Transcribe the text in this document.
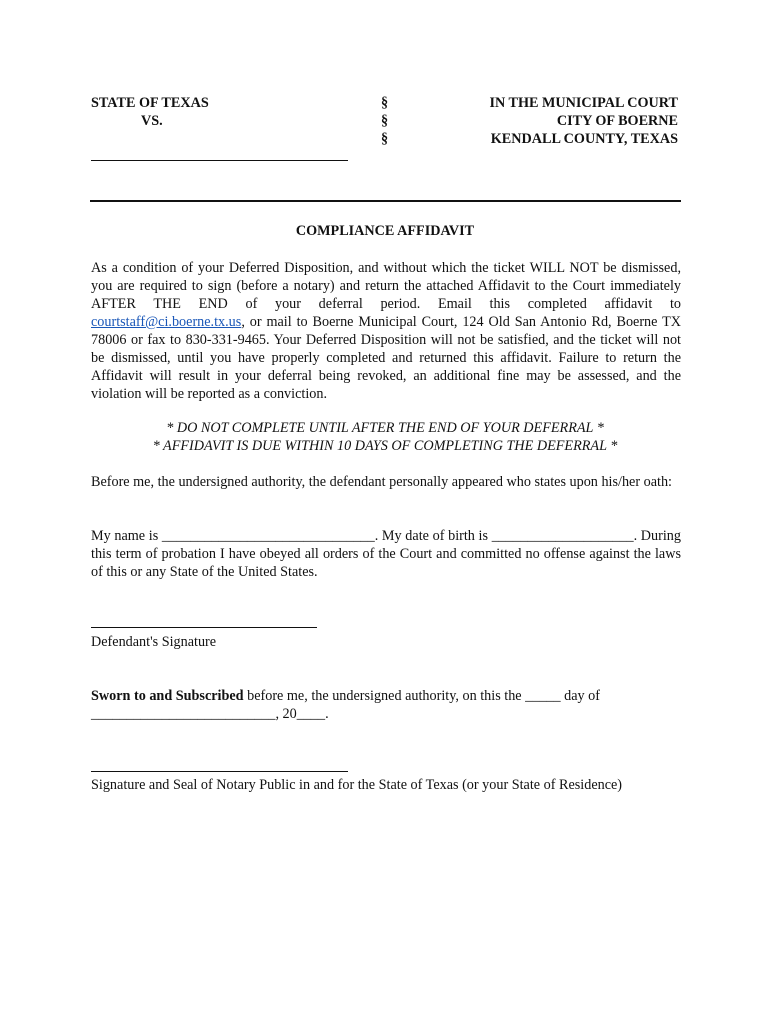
STATE OF TEXAS
VS.
§
§
§
IN THE MUNICIPAL COURT
CITY OF BOERNE
KENDALL COUNTY, TEXAS
COMPLIANCE AFFIDAVIT
As a condition of your Deferred Disposition, and without which the ticket WILL NOT be dismissed, you are required to sign (before a notary) and return the attached Affidavit to the Court immediately AFTER THE END of your deferral period. Email this completed affidavit to courtstaff@ci.boerne.tx.us, or mail to Boerne Municipal Court, 124 Old San Antonio Rd, Boerne TX 78006 or fax to 830-331-9465. Your Deferred Disposition will not be satisfied, and the ticket will not be dismissed, until you have properly completed and returned this affidavit. Failure to return the Affidavit will result in your deferral being revoked, an additional fine may be assessed, and the violation will be reported as a conviction.
* DO NOT COMPLETE UNTIL AFTER THE END OF YOUR DEFERRAL *
* AFFIDAVIT IS DUE WITHIN 10 DAYS OF COMPLETING THE DEFERRAL *
Before me, the undersigned authority, the defendant personally appeared who states upon his/her oath:
My name is ______________________________. My date of birth is ____________________. During this term of probation I have obeyed all orders of the Court and committed no offense against the laws of this or any State of the United States.
Defendant's Signature
Sworn to and Subscribed before me, the undersigned authority, on this the _____ day of __________________________, 20____.
Signature and Seal of Notary Public in and for the State of Texas (or your State of Residence)
